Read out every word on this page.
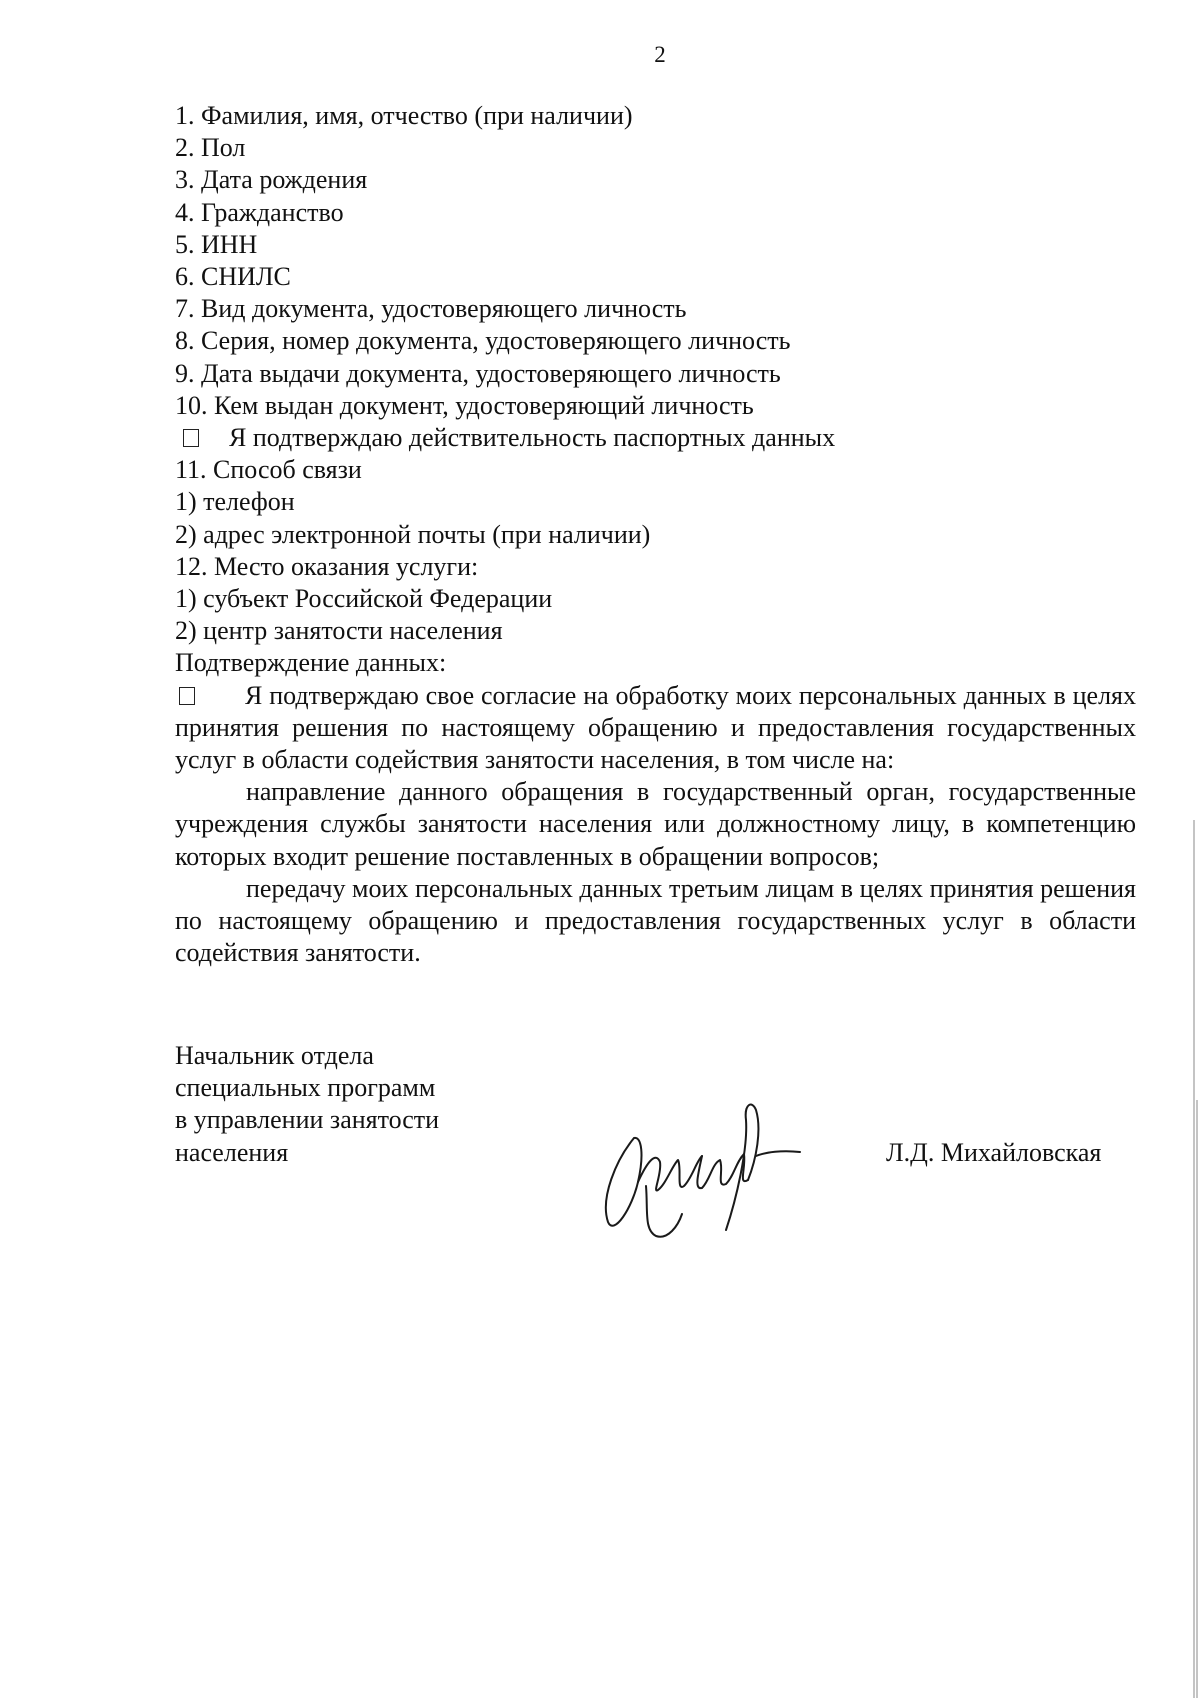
2

1. Фамилия, имя, отчество (при наличии)

2. Пол

3. Дата рождения

4. Гражданство

5. ИНН

6. СНИЛС

7. Вид документа, удостоверяющего личность

8. Серия, номер документа, удостоверяющего личность

9. Дата выдачи документа, удостоверяющего личность

10. Кем выдан документ, удостоверяющий личность

Я подтверждаю действительность паспортных данных

11. Способ связи

1) телефон

2) адрес электронной почты (при наличии)

12. Место оказания услуги:

1) субъект Российской Федерации

2) центр занятости населения

Подтверждение данных:

Я подтверждаю свое согласие на обработку моих персональных данных в целях принятия решения по настоящему обращению и предоставления государственных услуг в области содействия занятости населения, в том числе на:

направление данного обращения в государственный орган, государственные учреждения службы занятости населения или должностному лицу, в компетенцию которых входит решение поставленных в обращении вопросов;

передачу моих персональных данных третьим лицам в целях принятия решения по настоящему обращению и предоставления государственных услуг в области содействия занятости.

Начальник отдела
специальных программ
в управлении занятости
населения	Л.Д. Михайловская
